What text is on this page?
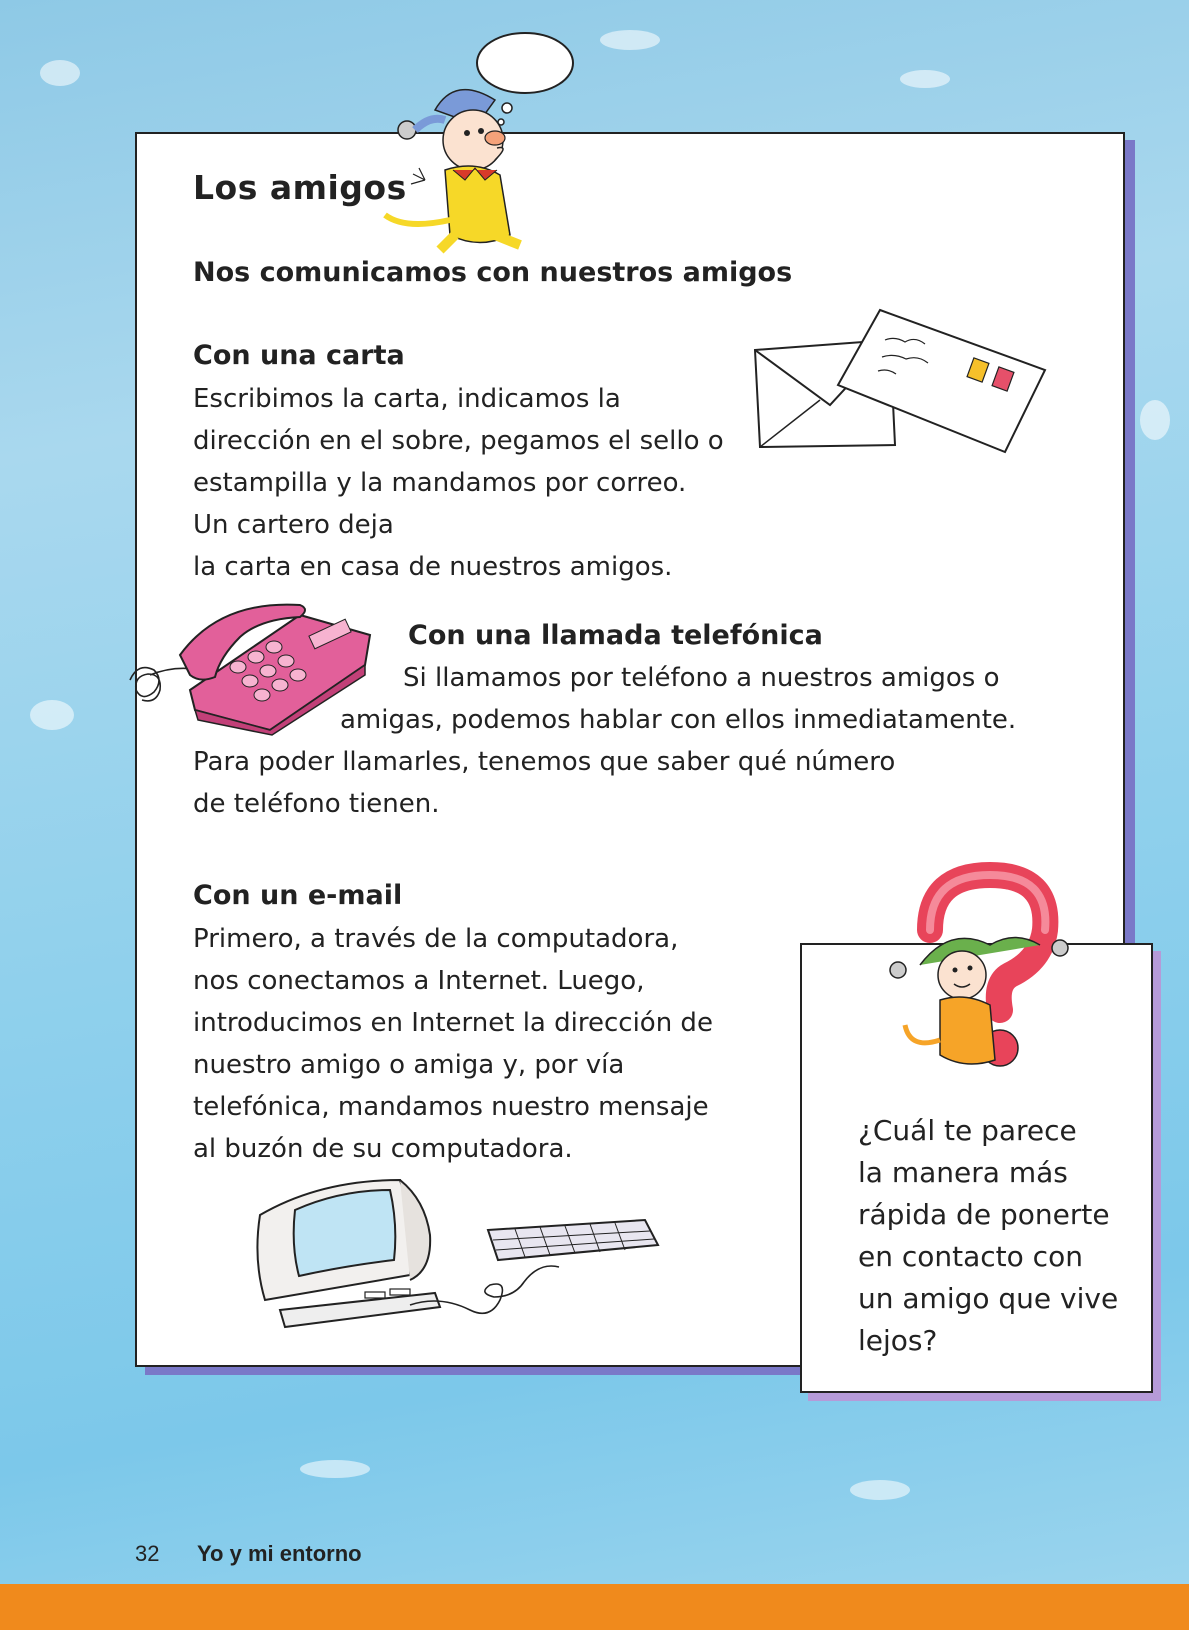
Los amigos
Nos comunicamos con nuestros amigos
Con una carta
Escribimos la carta, indicamos la
dirección en el sobre, pegamos el sello o
estampilla y la mandamos por correo.
Un cartero deja
la carta en casa de nuestros amigos.
Con una llamada telefónica
Si llamamos por teléfono a nuestros amigos o
amigas, podemos hablar con ellos inmediatamente.
Para poder llamarles, tenemos que saber qué número
de teléfono tienen.
Con un e-mail
Primero, a través de la computadora,
nos conectamos a Internet. Luego,
introducimos en Internet la dirección de
nuestro amigo o amiga y, por vía
telefónica, mandamos nuestro mensaje
al buzón de su computadora.
¿Cuál te parece
la manera más
rápida de ponerte
en contacto con
un amigo que vive
lejos?
32 Yo y mi entorno
